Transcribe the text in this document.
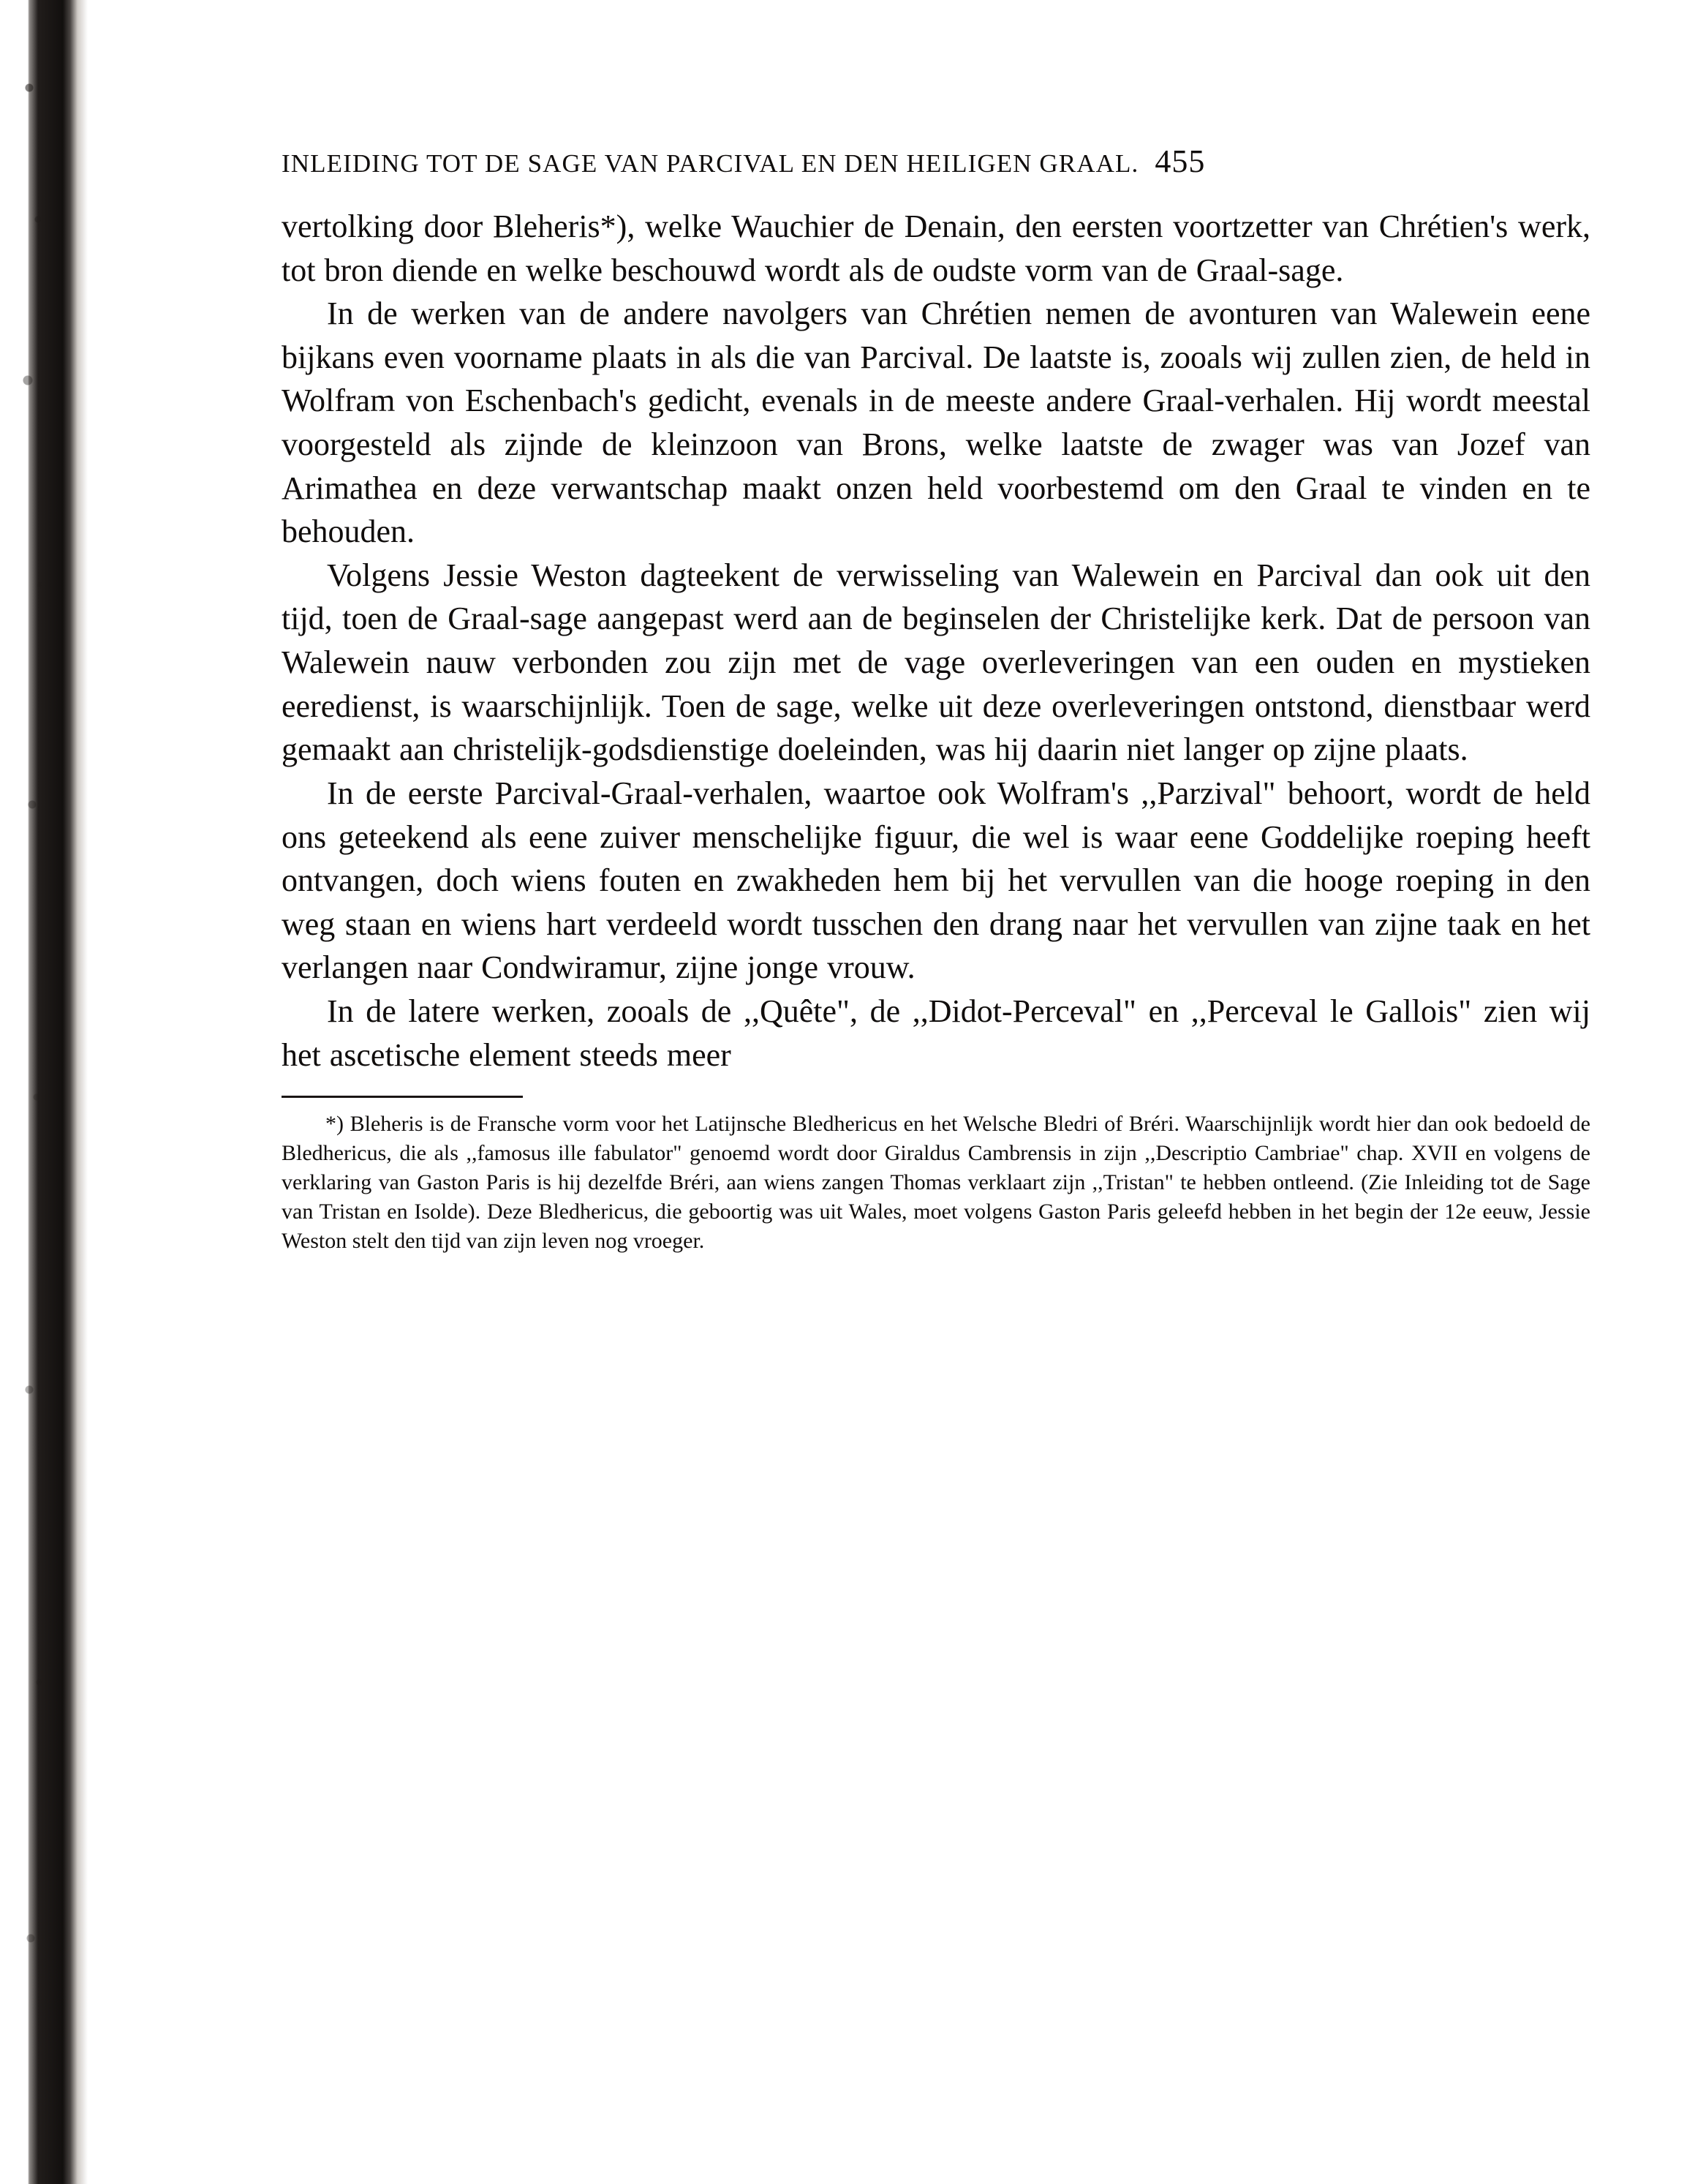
INLEIDING TOT DE SAGE VAN PARCIVAL EN DEN HEILIGEN GRAAL. 455

vertolking door Bleheris*), welke Wauchier de Denain, den eersten voortzetter van Chrétien's werk, tot bron diende en welke beschouwd wordt als de oudste vorm van de Graal-sage.

In de werken van de andere navolgers van Chrétien nemen de avonturen van Walewein eene bijkans even voorname plaats in als die van Parcival. De laatste is, zooals wij zullen zien, de held in Wolfram von Eschenbach's gedicht, evenals in de meeste andere Graal-verhalen. Hij wordt meestal voorgesteld als zijnde de kleinzoon van Brons, welke laatste de zwager was van Jozef van Arimathea en deze verwantschap maakt onzen held voorbestemd om den Graal te vinden en te behouden.

Volgens Jessie Weston dagteekent de verwisseling van Walewein en Parcival dan ook uit den tijd, toen de Graal-sage aangepast werd aan de beginselen der Christelijke kerk. Dat de persoon van Walewein nauw verbonden zou zijn met de vage overleveringen van een ouden en mystieken eeredienst, is waarschijnlijk. Toen de sage, welke uit deze overleveringen ontstond, dienstbaar werd gemaakt aan christelijk-godsdienstige doeleinden, was hij daarin niet langer op zijne plaats.

In de eerste Parcival-Graal-verhalen, waartoe ook Wolfram's ,,Parzival" behoort, wordt de held ons geteekend als eene zuiver menschelijke figuur, die wel is waar eene Goddelijke roeping heeft ontvangen, doch wiens fouten en zwakheden hem bij het vervullen van die hooge roeping in den weg staan en wiens hart verdeeld wordt tusschen den drang naar het vervullen van zijne taak en het verlangen naar Condwiramur, zijne jonge vrouw.

In de latere werken, zooals de ,,Quête", de ,,Didot-Perceval" en ,,Perceval le Gallois" zien wij het ascetische element steeds meer

*) Bleheris is de Fransche vorm voor het Latijnsche Bledhericus en het Welsche Bledri of Bréri. Waarschijnlijk wordt hier dan ook bedoeld de Bledhericus, die als ,,famosus ille fabulator" genoemd wordt door Giraldus Cambrensis in zijn ,,Descriptio Cambriae" chap. XVII en volgens de verklaring van Gaston Paris is hij dezelfde Bréri, aan wiens zangen Thomas verklaart zijn ,,Tristan" te hebben ontleend. (Zie Inleiding tot de Sage van Tristan en Isolde). Deze Bledhericus, die geboortig was uit Wales, moet volgens Gaston Paris geleefd hebben in het begin der 12e eeuw, Jessie Weston stelt den tijd van zijn leven nog vroeger.
